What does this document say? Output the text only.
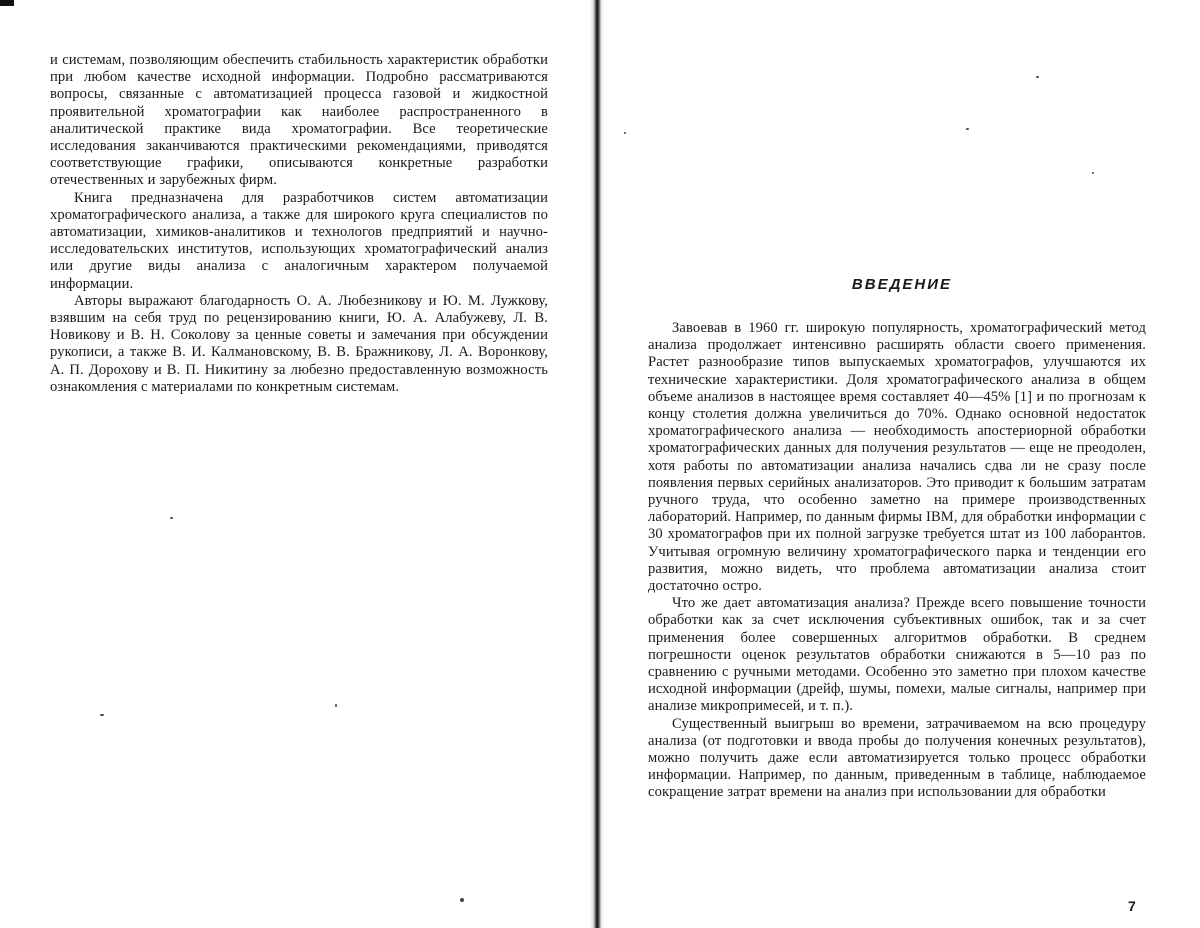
и системам, позволяющим обеспечить стабильность характеристик обработки при любом качестве исходной информации. Подробно рассматриваются вопросы, связанные с автоматизацией процесса газовой и жидкостной проявительной хроматографии как наиболее распространенного в аналитической практике вида хроматографии. Все теоретические исследования заканчиваются практическими рекомендациями, приводятся соответствующие графики, описываются конкретные разработки отечественных и зарубежных фирм.

Книга предназначена для разработчиков систем автоматизации хроматографического анализа, а также для широкого круга специалистов по автоматизации, химиков-аналитиков и технологов предприятий и научно-исследовательских институтов, использующих хроматографический анализ или другие виды анализа с аналогичным характером получаемой информации.

Авторы выражают благодарность О. А. Любезникову и Ю. М. Лужкову, взявшим на себя труд по рецензированию книги, Ю. А. Алабужеву, Л. В. Новикову и В. Н. Соколову за ценные советы и замечания при обсуждении рукописи, а также В. И. Калмановскому, В. В. Бражникову, Л. А. Воронкову, А. П. Дорохову и В. П. Никитину за любезно предоставленную возможность ознакомления с материалами по конкретным системам.

ВВЕДЕНИЕ

Завоевав в 1960 гг. широкую популярность, хроматографический метод анализа продолжает интенсивно расширять области своего применения. Растет разнообразие типов выпускаемых хроматографов, улучшаются их технические характеристики. Доля хроматографического анализа в общем объеме анализов в настоящее время составляет 40—45% [1] и по прогнозам к концу столетия должна увеличиться до 70%. Однако основной недостаток хроматографического анализа — необходимость апостериорной обработки хроматографических данных для получения результатов — еще не преодолен, хотя работы по автоматизации анализа начались сдва ли не сразу после появления первых серийных анализаторов. Это приводит к большим затратам ручного труда, что особенно заметно на примере производственных лабораторий. Например, по данным фирмы IBM, для обработки информации с 30 хроматографов при их полной загрузке требуется штат из 100 лаборантов. Учитывая огромную величину хроматографического парка и тенденции его развития, можно видеть, что проблема автоматизации анализа стоит достаточно остро.

Что же дает автоматизация анализа? Прежде всего повышение точности обработки как за счет исключения субъективных ошибок, так и за счет применения более совершенных алгоритмов обработки. В среднем погрешности оценок результатов обработки снижаются в 5—10 раз по сравнению с ручными методами. Особенно это заметно при плохом качестве исходной информации (дрейф, шумы, помехи, малые сигналы, например при анализе микропримесей, и т. п.).

Существенный выигрыш во времени, затрачиваемом на всю процедуру анализа (от подготовки и ввода пробы до получения конечных результатов), можно получить даже если автоматизируется только процесс обработки информации. Например, по данным, приведенным в таблице, наблюдаемое сокращение затрат времени на анализ при использовании для обработки

7
